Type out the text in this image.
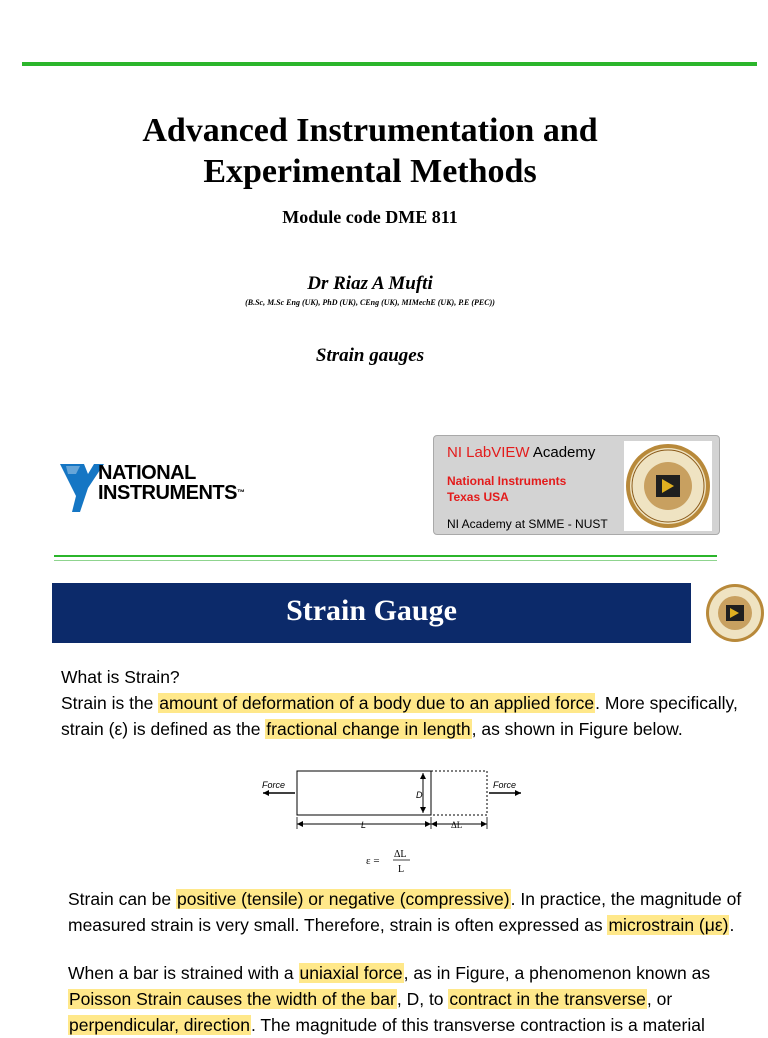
Advanced Instrumentation and
Experimental Methods
Module code DME 811
Dr Riaz A Mufti
(B.Sc, M.Sc Eng (UK), PhD (UK), CEng (UK), MIMechE (UK), P.E (PEC))
Strain gauges
NATIONAL
INSTRUMENTS™
NI LabVIEW Academy
National Instruments
Texas USA
NI Academy at SMME - NUST
Strain Gauge
What is Strain?
Strain is the amount of deformation of a body due to an applied force. More specifically, strain (ε) is defined as the fractional change in length, as shown in Figure below.
Force	Force
D
L	ΔL
ε =
ΔL
L
Strain can be positive (tensile) or negative (compressive). In practice, the magnitude of measured strain is very small. Therefore, strain is often expressed as microstrain (με).
When a bar is strained with a uniaxial force, as in Figure, a phenomenon known as Poisson Strain causes the width of the bar, D, to contract in the transverse, or perpendicular, direction. The magnitude of this transverse contraction is a material
